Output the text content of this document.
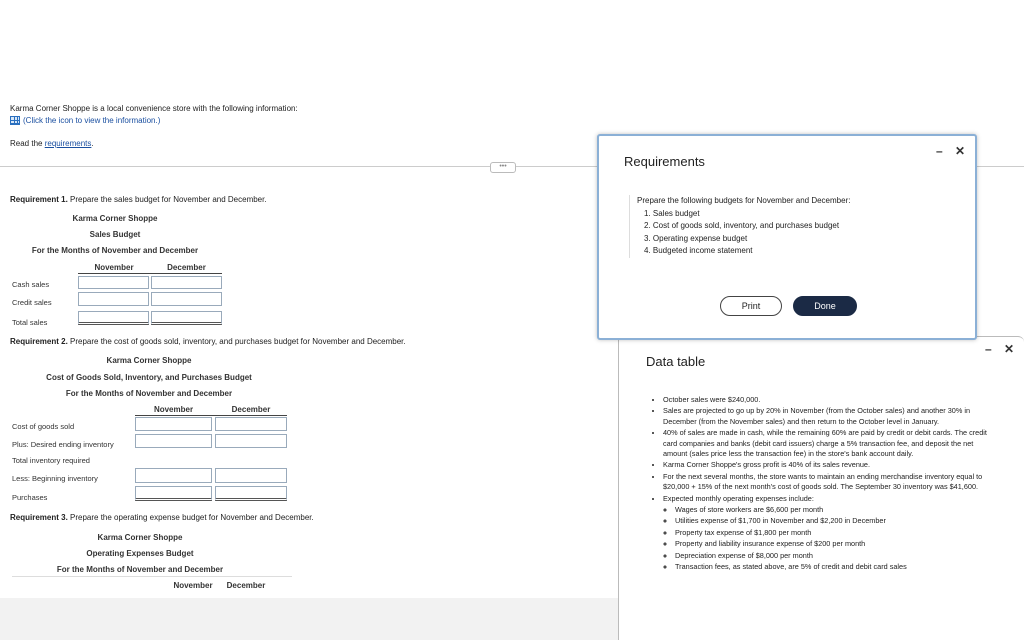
Karma Corner Shoppe is a local convenience store with the following information:
(Click the icon to view the information.)
Read the requirements.
•••
Requirement 1. Prepare the sales budget for November and December.
Karma Corner Shoppe
Sales Budget
For the Months of November and December
November	December
Cash sales
Credit sales
Total sales
Requirement 2. Prepare the cost of goods sold, inventory, and purchases budget for November and December.
Karma Corner Shoppe
Cost of Goods Sold, Inventory, and Purchases Budget
For the Months of November and December
November	December
Cost of goods sold
Plus: Desired ending inventory
Total inventory required
Less: Beginning inventory
Purchases
Requirement 3. Prepare the operating expense budget for November and December.
Karma Corner Shoppe
Operating Expenses Budget
For the Months of November and December
November	December
Data table
– ✕
• October sales were $240,000.
• Sales are projected to go up by 20% in November (from the October sales) and another 30% in December (from the November sales) and then return to the October level in January.
• 40% of sales are made in cash, while the remaining 60% are paid by credit or debit cards. The credit card companies and banks (debit card issuers) charge a 5% transaction fee, and deposit the net amount (sales price less the transaction fee) in the store's bank account daily.
• Karma Corner Shoppe's gross profit is 40% of its sales revenue.
• For the next several months, the store wants to maintain an ending merchandise inventory equal to $20,000 + 15% of the next month's cost of goods sold. The September 30 inventory was $41,600.
• Expected monthly operating expenses include:
◦ Wages of store workers are $6,600 per month
◦ Utilities expense of $1,700 in November and $2,200 in December
◦ Property tax expense of $1,800 per month
◦ Property and liability insurance expense of $200 per month
◦ Depreciation expense of $8,000 per month
◦ Transaction fees, as stated above, are 5% of credit and debit card sales
Requirements
– ✕
Prepare the following budgets for November and December:
1. Sales budget
2. Cost of goods sold, inventory, and purchases budget
3. Operating expense budget
4. Budgeted income statement
Print	Done
